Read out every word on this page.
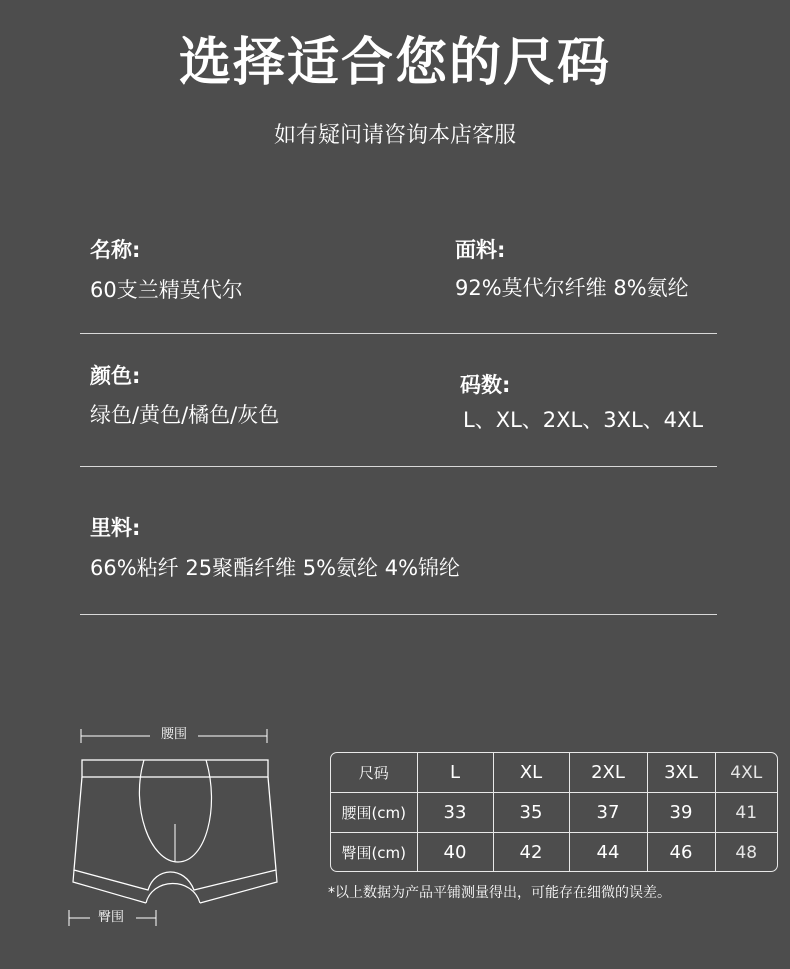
选择适合您的尺码
如有疑问请咨询本店客服
名称:
60支兰精莫代尔
面料:
92%莫代尔纤维 8%氨纶
颜色:
绿色/黄色/橘色/灰色
码数:
L、XL、2XL、3XL、4XL
里料:
66%粘纤 25聚酯纤维 5%氨纶 4%锦纶
腰围
臀围
尺码	L	XL	2XL	3XL	4XL
腰围(cm)	33	35	37	39	41
臀围(cm)	40	42	44	46	48
*以上数据为产品平铺测量得出，可能存在细微的误差。
